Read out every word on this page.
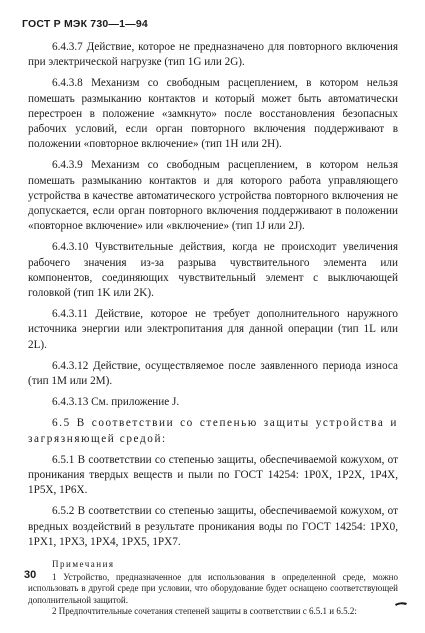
ГОСТ Р МЭК 730—1—94

6.4.3.7 Действие, которое не предназначено для повторного включения при электрической нагрузке (тип 1G или 2G).

6.4.3.8 Механизм со свободным расцеплением, в котором нельзя помешать размыканию контактов и который может быть автоматически перестроен в положение «замкнуто» после восстановления безопасных рабочих условий, если орган повторного включения поддерживают в положении «повторное включение» (тип 1H или 2H).

6.4.3.9 Механизм со свободным расцеплением, в котором нельзя помешать размыканию контактов и для которого работа управляющего устройства в качестве автоматического устройства повторного включения не допускается, если орган повторного включения поддерживают в положении «повторное включение» или «включение» (тип 1J или 2J).

6.4.3.10 Чувствительные действия, когда не происходит увеличения рабочего значения из-за разрыва чувствительного элемента или компонентов, соединяющих чувствительный элемент с выключающей головкой (тип 1K или 2K).

6.4.3.11 Действие, которое не требует дополнительного наружного источника энергии или электропитания для данной операции (тип 1L или 2L).

6.4.3.12 Действие, осуществляемое после заявленного периода износа (тип 1M или 2M).

6.4.3.13 См. приложение J.

6.5 В соответствии со степенью защиты устройства и загрязняющей средой:

6.5.1 В соответствии со степенью защиты, обеспечиваемой кожухом, от проникания твердых веществ и пыли по ГОСТ 14254: 1P0X, 1P2X, 1P4X, 1P5X, 1P6X.

6.5.2 В соответствии со степенью защиты, обеспечиваемой кожухом, от вредных воздействий в результате проникания воды по ГОСТ 14254: 1PX0, 1PX1, 1PX3, 1PX4, 1PX5, 1PX7.

Примечания

1 Устройство, предназначенное для использования в определенной среде, можно использовать в другой среде при условии, что оборудование будет оснащено соответствующей дополнительной защитой.

2 Предпочтительные сочетания степеней защиты в соответствии с 6.5.1 и 6.5.2:

30
